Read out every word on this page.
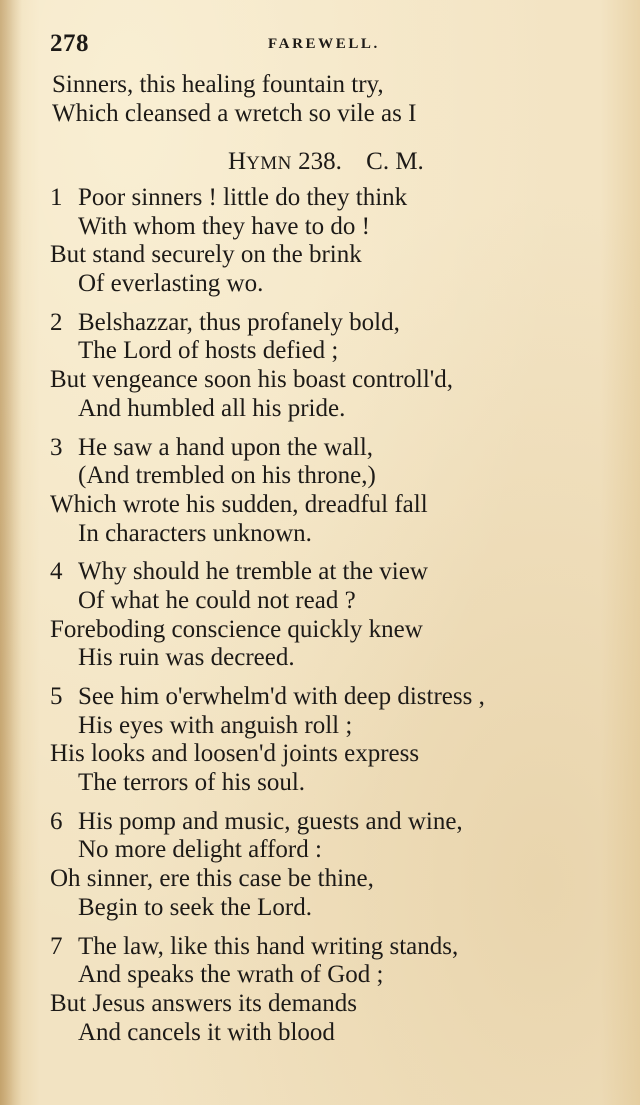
278	FAREWELL.
Sinners, this healing fountain try,
Which cleansed a wretch so vile as I
HYMN 238. C. M.
1 Poor sinners ! little do they think
With whom they have to do !
But stand securely on the brink
Of everlasting wo.
2 Belshazzar, thus profanely bold,
The Lord of hosts defied ;
But vengeance soon his boast controll'd,
And humbled all his pride.
3 He saw a hand upon the wall,
(And trembled on his throne,)
Which wrote his sudden, dreadful fall
In characters unknown.
4 Why should he tremble at the view
Of what he could not read ?
Foreboding conscience quickly knew
His ruin was decreed.
5 See him o'erwhelm'd with deep distress ,
His eyes with anguish roll ;
His looks and loosen'd joints express
The terrors of his soul.
6 His pomp and music, guests and wine,
No more delight afford :
Oh sinner, ere this case be thine,
Begin to seek the Lord.
7 The law, like this hand writing stands,
And speaks the wrath of God ;
But Jesus answers its demands
And cancels it with blood
